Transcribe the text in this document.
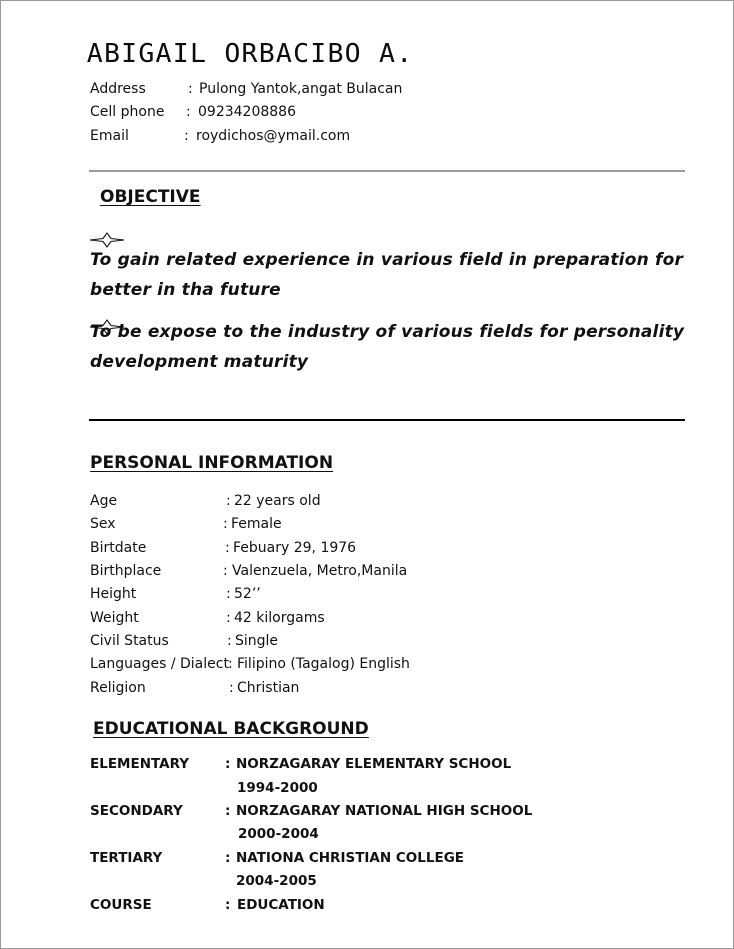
ABIGAIL ORBACIBO A.
Address	: Pulong Yantok,angat Bulacan
Cell phone : 09234208886
Email	: roydichos@ymail.com
OBJECTIVE
To gain related experience in various field in preparation for
better in tha future
To be expose to the industry of various fields for personality
development maturity
PERSONAL INFORMATION
Age	: 22 years old
Sex	: Female
Birtdate	: Febuary 29, 1976
Birthplace	: Valenzuela, Metro,Manila
Height	: 52’’
Weight	: 42 kilorgams
Civil Status	: Single
Languages / Dialect : Filipino (Tagalog) English
Religion	: Christian
EDUCATIONAL BACKGROUND
ELEMENTARY	: NORZAGARAY ELEMENTARY SCHOOL
1994-2000
SECONDARY	: NORZAGARAY NATIONAL HIGH SCHOOL
2000-2004
TERTIARY	: NATIONA CHRISTIAN COLLEGE
2004-2005
COURSE	: EDUCATION
